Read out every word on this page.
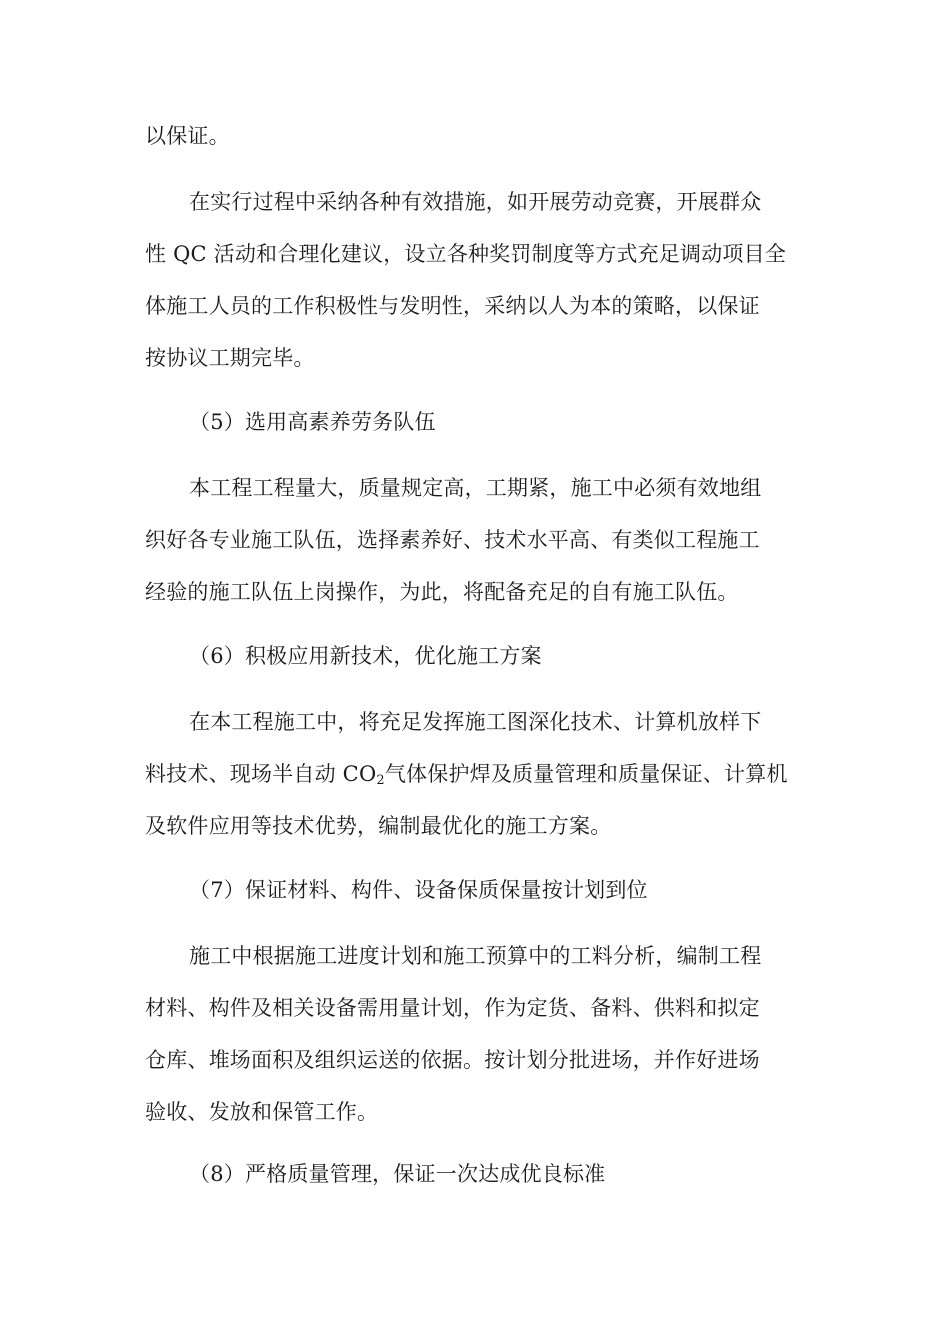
以保证。
在实行过程中采纳各种有效措施，如开展劳动竞赛，开展群众
性 QC 活动和合理化建议，设立各种奖罚制度等方式充足调动项目全
体施工人员的工作积极性与发明性，采纳以人为本的策略，以保证
按协议工期完毕。
（5）选用高素养劳务队伍
本工程工程量大，质量规定高，工期紧，施工中必须有效地组
织好各专业施工队伍，选择素养好、技术水平高、有类似工程施工
经验的施工队伍上岗操作，为此，将配备充足的自有施工队伍。
（6）积极应用新技术，优化施工方案
在本工程施工中，将充足发挥施工图深化技术、计算机放样下
料技术、现场半自动 $CO_2$气体保护焊及质量管理和质量保证、计算机
及软件应用等技术优势，编制最优化的施工方案。
（7）保证材料、构件、设备保质保量按计划到位
施工中根据施工进度计划和施工预算中的工料分析，编制工程
材料、构件及相关设备需用量计划，作为定货、备料、供料和拟定
仓库、堆场面积及组织运送的依据。按计划分批进场，并作好进场
验收、发放和保管工作。
（8）严格质量管理，保证一次达成优良标准
